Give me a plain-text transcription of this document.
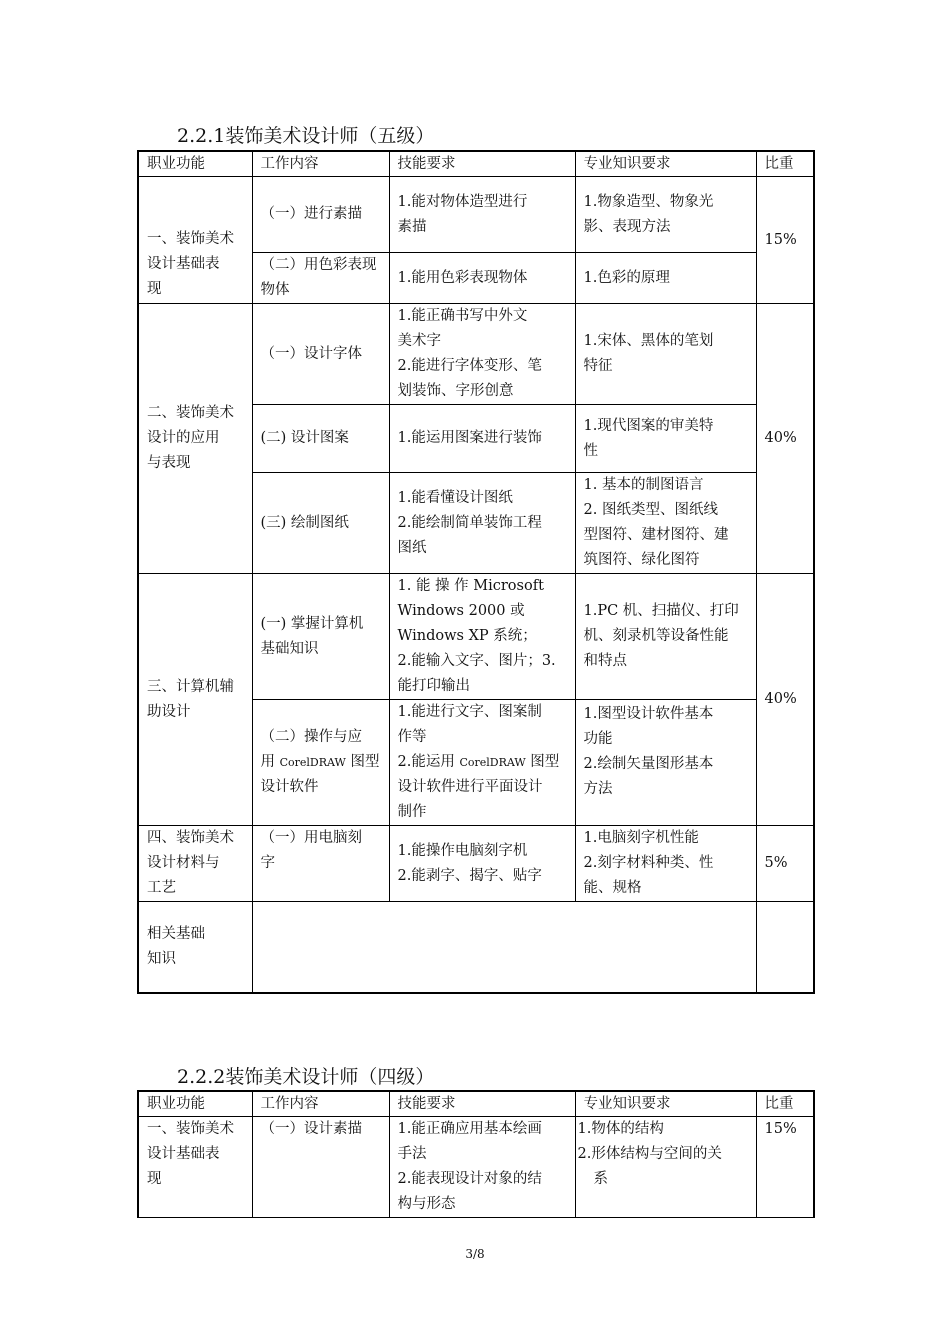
2.2.1装饰美术设计师（五级）
职业功能	工作内容	技能要求	专业知识要求	比重

一、装饰美术
设计基础表
现	（一）进行素描	1.能对物体造型进行
素描	1.物象造型、物象光
影、表现方法	15%

	（二）用色彩表现
物体	1.能用色彩表现物体	1.色彩的原理	

二、装饰美术
设计的应用
与表现	（一）设计字体	1.能正确书写中外文
美术字
2.能进行字体变形、笔
划装饰、字形创意	1.宋体、黑体的笔划
特征	40%
	(二) 设计图案	1.能运用图案进行装饰	1.现代图案的审美特
性	

	(三) 绘制图纸	1.能看懂设计图纸
2.能绘制简单装饰工程
图纸	1. 基本的制图语言
2. 图纸类型、图纸线
型图符、建材图符、建
筑图符、绿化图符	

三、计算机辅
助设计	(一) 掌握计算机
基础知识	1. 能 操 作 Microsoft
Windows 2000 或
Windows XP 系统；
2.能输入文字、图片；3.
能打印输出	1.PC 机、扫描仪、打印
机、刻录机等设备性能
和特点	40%

	（二）操作与应
用 CorelDRAW 图型
设计软件	1.能进行文字、图案制
作等
2.能运用 CorelDRAW 图型
设计软件进行平面设计
制作	1.图型设计软件基本
功能
2.绘制矢量图形基本
方法	

四、装饰美术
设计材料与
工艺	（一）用电脑刻
字	1.能操作电脑刻字机
2.能剥字、揭字、贴字	1.电脑刻字机性能
2.刻字材料种类、性
能、规格	5%

相关基础
知识				

2.2.2装饰美术设计师（四级）
职业功能	工作内容	技能要求	专业知识要求	比重

一、装饰美术
设计基础表
现	（一）设计素描	1.能正确应用基本绘画
手法
2.能表现设计对象的结
构与形态	1.物体的结构
2.形体结构与空间的关
系	15%
3/8
